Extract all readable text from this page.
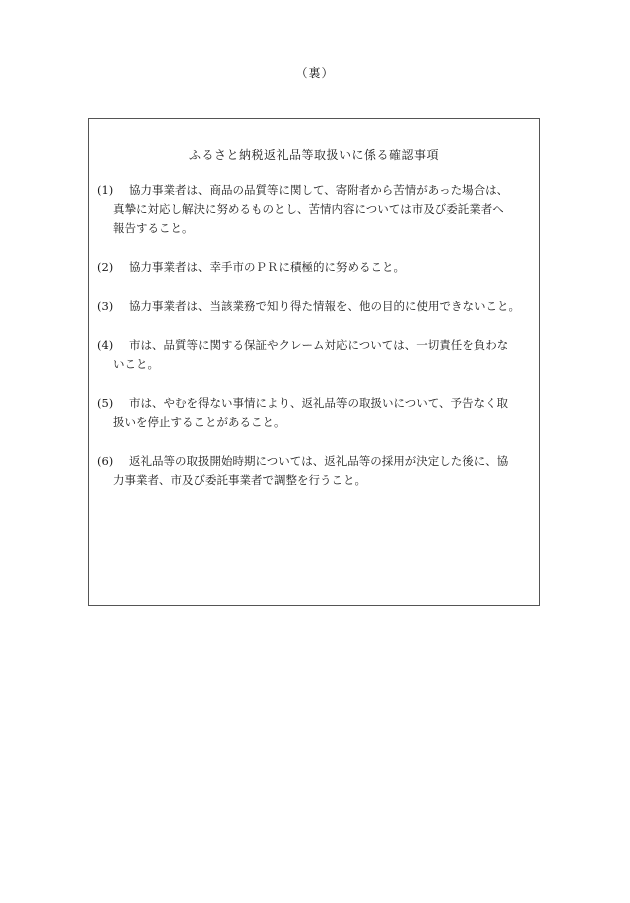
（裏）
ふるさと納税返礼品等取扱いに係る確認事項
(1)	協力事業者は、商品の品質等に関して、寄附者から苦情があった場合は、
真摯に対応し解決に努めるものとし、苦情内容については市及び委託業者へ
報告すること。
(2)	協力事業者は、幸手市のＰＲに積極的に努めること。
(3)	協力事業者は、当該業務で知り得た情報を、他の目的に使用できないこと。
(4)	市は、品質等に関する保証やクレーム対応については、一切責任を負わな
いこと。
(5)	市は、やむを得ない事情により、返礼品等の取扱いについて、予告なく取
扱いを停止することがあること。
(6)	返礼品等の取扱開始時期については、返礼品等の採用が決定した後に、協
力事業者、市及び委託事業者で調整を行うこと。
